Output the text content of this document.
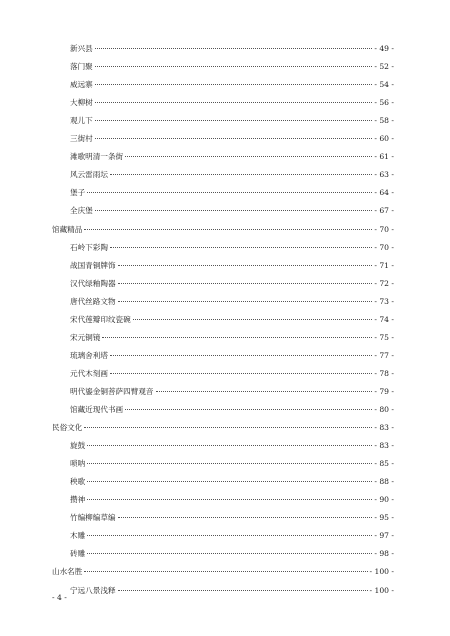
新兴县	- 49 -
落门聚	- 52 -
威远寨	- 54 -
大柳树	- 56 -
观儿下	- 58 -
三街村	- 60 -
滩歌明清一条街	- 61 -
风云雷雨坛	- 63 -
堡子	- 64 -
全庆堡	- 67 -
馆藏精品	- 70 -
石岭下彩陶	- 70 -
战国青铜牌饰	- 71 -
汉代绿釉陶器	- 72 -
唐代丝路文物	- 73 -
宋代莲瓣印纹瓷碗	- 74 -
宋元铜镜	- 75 -
琉璃舍利塔	- 77 -
元代木刻画	- 78 -
明代鎏金铜菩萨四臂观音	- 79 -
馆藏近现代书画	- 80 -
民俗文化	- 83 -
旋鼓	- 83 -
唢呐	- 85 -
秧歌	- 88 -
攒神	- 90 -
竹编柳编草编	- 95 -
木雕	- 97 -
砖雕	- 98 -
山水名胜	- 100 -
宁远八景浅释	- 100 -
- 4 -
